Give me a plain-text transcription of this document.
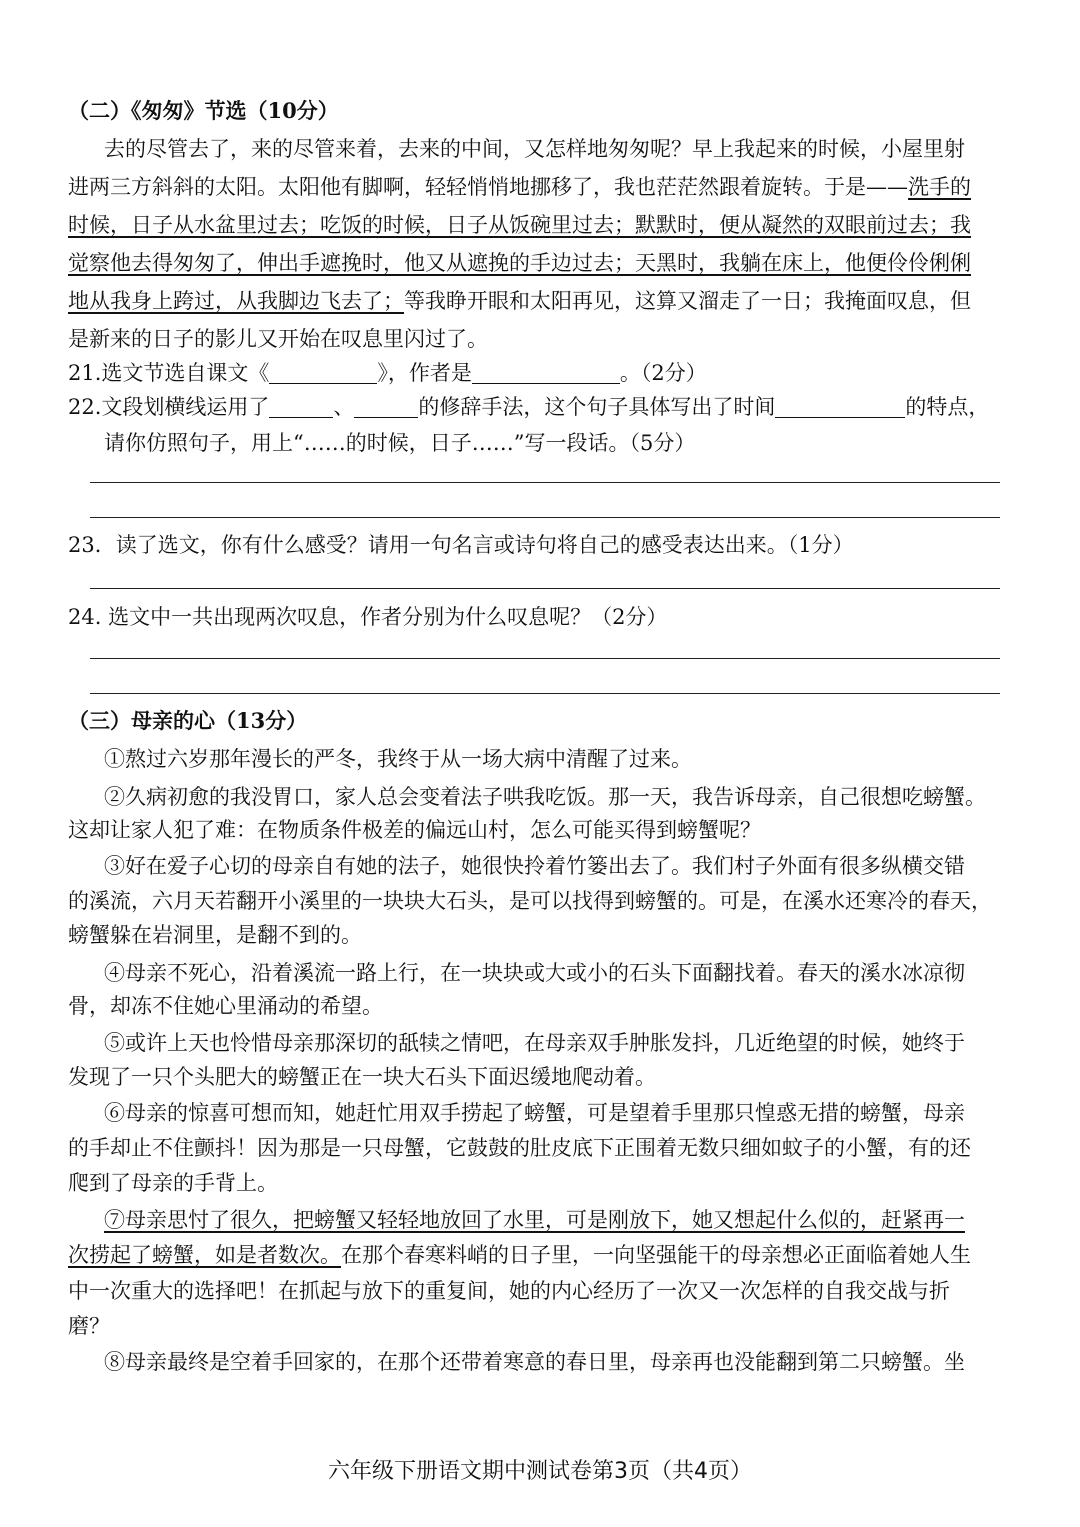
（二）《匆匆》节选（10分）
去的尽管去了，来的尽管来着，去来的中间，又怎样地匆匆呢？早上我起来的时候，小屋里射
进两三方斜斜的太阳。太阳他有脚啊，轻轻悄悄地挪移了，我也茫茫然跟着旋转。于是——洗手的
时候，日子从水盆里过去；吃饭的时候，日子从饭碗里过去；默默时，便从凝然的双眼前过去；我
觉察他去得匆匆了，伸出手遮挽时，他又从遮挽的手边过去；天黑时，我躺在床上，他便伶伶俐俐
地从我身上跨过，从我脚边飞去了；等我睁开眼和太阳再见，这算又溜走了一日；我掩面叹息，但
是新来的日子的影儿又开始在叹息里闪过了。
21.选文节选自课文《	》，作者是	。（2分）
22.文段划横线运用了	、	的修辞手法，这个句子具体写出了时间	的特点，
请你仿照句子，用上“……的时候，日子……”写一段话。（5分）
23．读了选文，你有什么感受？请用一句名言或诗句将自己的感受表达出来。（1分）
24. 选文中一共出现两次叹息，作者分别为什么叹息呢？（2分）
（三）母亲的心（13分）
①熬过六岁那年漫长的严冬，我终于从一场大病中清醒了过来。
②久病初愈的我没胃口，家人总会变着法子哄我吃饭。那一天，我告诉母亲，自己很想吃螃蟹。
这却让家人犯了难：在物质条件极差的偏远山村，怎么可能买得到螃蟹呢？
③好在爱子心切的母亲自有她的法子，她很快拎着竹篓出去了。我们村子外面有很多纵横交错
的溪流，六月天若翻开小溪里的一块块大石头，是可以找得到螃蟹的。可是，在溪水还寒冷的春天，
螃蟹躲在岩洞里，是翻不到的。
④母亲不死心，沿着溪流一路上行，在一块块或大或小的石头下面翻找着。春天的溪水冰凉彻
骨，却冻不住她心里涌动的希望。
⑤或许上天也怜惜母亲那深切的舐犊之情吧，在母亲双手肿胀发抖，几近绝望的时候，她终于
发现了一只个头肥大的螃蟹正在一块大石头下面迟缓地爬动着。
⑥母亲的惊喜可想而知，她赶忙用双手捞起了螃蟹，可是望着手里那只惶惑无措的螃蟹，母亲
的手却止不住颤抖！因为那是一只母蟹，它鼓鼓的肚皮底下正围着无数只细如蚊子的小蟹，有的还
爬到了母亲的手背上。
⑦母亲思忖了很久，把螃蟹又轻轻地放回了水里，可是刚放下，她又想起什么似的，赶紧再一
次捞起了螃蟹，如是者数次。在那个春寒料峭的日子里，一向坚强能干的母亲想必正面临着她人生
中一次重大的选择吧！在抓起与放下的重复间，她的内心经历了一次又一次怎样的自我交战与折
磨？
⑧母亲最终是空着手回家的，在那个还带着寒意的春日里，母亲再也没能翻到第二只螃蟹。坐
六年级下册语文期中测试卷第3页（共4页）
